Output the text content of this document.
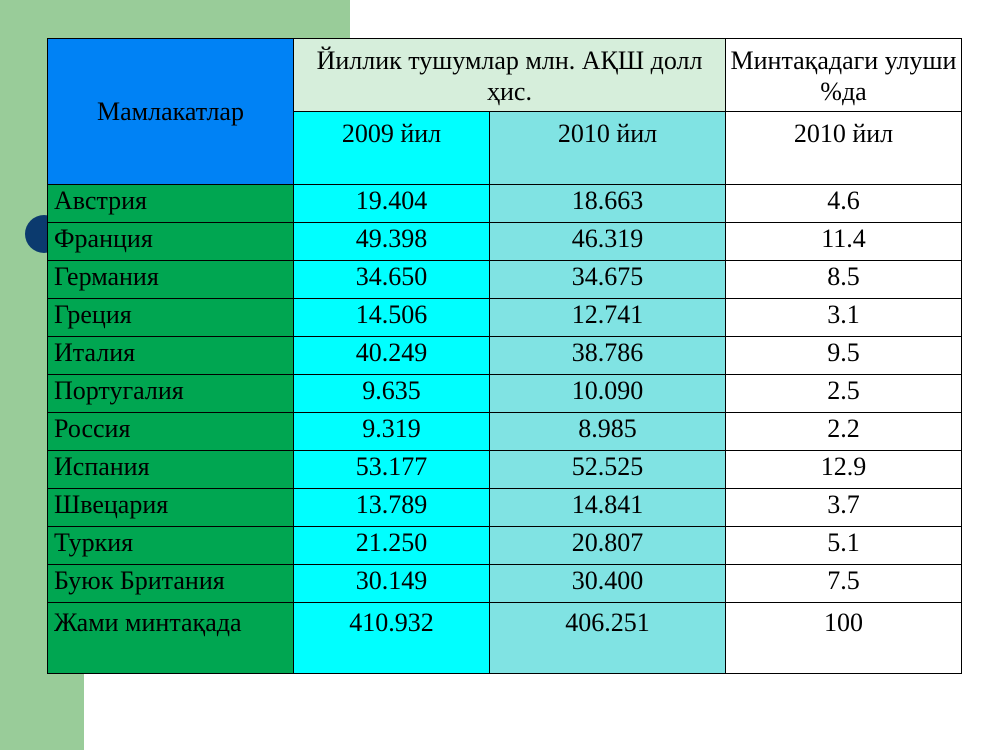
Мамлакатлар	Йиллик тушумлар млн. АҚШ долл ҳис.		Минтақадаги улуши %да
	2009 йил	2010 йил	2010 йил
Австрия	19.404	18.663	4.6
Франция	49.398	46.319	11.4
Германия	34.650	34.675	8.5
Греция	14.506	12.741	3.1
Италия	40.249	38.786	9.5
Португалия	9.635	10.090	2.5
Россия	9.319	8.985	2.2
Испания	53.177	52.525	12.9
Швецария	13.789	14.841	3.7
Туркия	21.250	20.807	5.1
Буюк Британия	30.149	30.400	7.5
Жами минтақада	410.932	406.251	100
